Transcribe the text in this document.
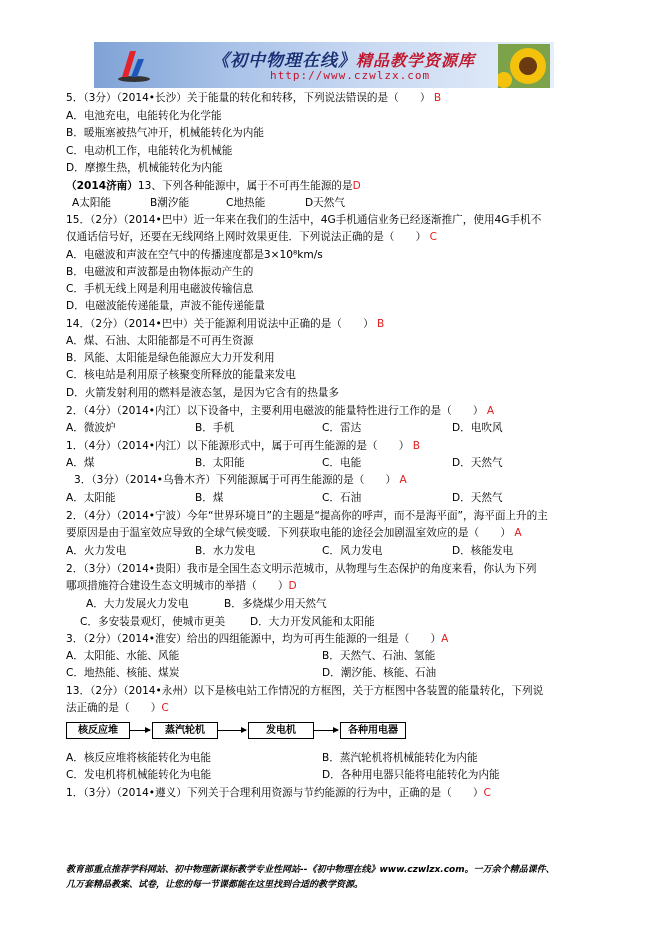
《初中物理在线》精品教学资源库
http://www.czwlzx.com
5．（3分）（2014•长沙）关于能量的转化和转移，下列说法错误的是（　　） B
A．电池充电，电能转化为化学能
B．暖瓶塞被热气冲开，机械能转化为内能
C．电动机工作，电能转化为机械能
D．摩擦生热，机械能转化为内能
（2014济南）13、下列各种能源中，属于不可再生能源的是D
A太阳能	B潮汐能	C地热能	D天然气
15．（2分）（2014•巴中）近一年来在我们的生活中，4G手机通信业务已经逐渐推广，使用4G手机不
仅通话信号好，还要在无线网络上网时效果更佳．下列说法正确的是（　　） C
A．电磁波和声波在空气中的传播速度都是3×10⁸km/s
B．电磁波和声波都是由物体振动产生的
C．手机无线上网是利用电磁波传输信息
D．电磁波能传递能量，声波不能传递能量
14．（2分）（2014•巴中）关于能源利用说法中正确的是（　　） B
A．煤、石油、太阳能都是不可再生资源
B．风能、太阳能是绿色能源应大力开发利用
C．核电站是利用原子核聚变所释放的能量来发电
D．火箭发射利用的燃料是液态氢，是因为它含有的热量多
2．（4分）（2014•内江）以下设备中，主要利用电磁波的能量特性进行工作的是（　　） A
A．微波炉	B．手机	C．雷达	D．电吹风
1．（4分）（2014•内江）以下能源形式中，属于可再生能源的是（　　） B
A．煤	B．太阳能	C．电能	D．天然气
3．（3分）（2014•乌鲁木齐）下列能源属于可再生能源的是（　　） A
A．太阳能	B．煤	C．石油	D．天然气
2．（4分）（2014•宁波）今年“世界环境日”的主题是“提高你的呼声，而不是海平面”，海平面上升的主
要原因是由于温室效应导致的全球气候变暖．下列获取电能的途径会加剧温室效应的是（　　） A
A．火力发电	B．水力发电	C．风力发电	D．核能发电
2．（3分）（2014•贵阳）我市是全国生态文明示范城市，从物理与生态保护的角度来看，你认为下列
哪项措施符合建设生态文明城市的举措（　　）D
A．大力发展火力发电	B．多烧煤少用天然气
C．多安装景观灯，使城市更美 D．大力开发风能和太阳能
3．（2分）（2014•淮安）给出的四组能源中，均为可再生能源的一组是（　　）A
A．太阳能、水能、风能	B．天然气、石油、氢能
C．地热能、核能、煤炭	D．潮汐能、核能、石油
13．（2分）（2014•永州）以下是核电站工作情况的方框图，关于方框图中各装置的能量转化，下列说
法正确的是（　　）C
核反应堆	蒸汽轮机	发电机	各种用电器
A．核反应堆将核能转化为电能	B．蒸汽轮机将机械能转化为内能
C．发电机将机械能转化为电能	D．各种用电器只能将电能转化为内能
1．（3分）（2014•遵义）下列关于合理利用资源与节约能源的行为中，正确的是（　　）C
教育部重点推荐学科网站、初中物理新课标教学专业性网站--《初中物理在线》www.czwlzx.com。一万余个精品课件、
几万套精品教案、试卷，让您的每一节课都能在这里找到合适的教学资源。
